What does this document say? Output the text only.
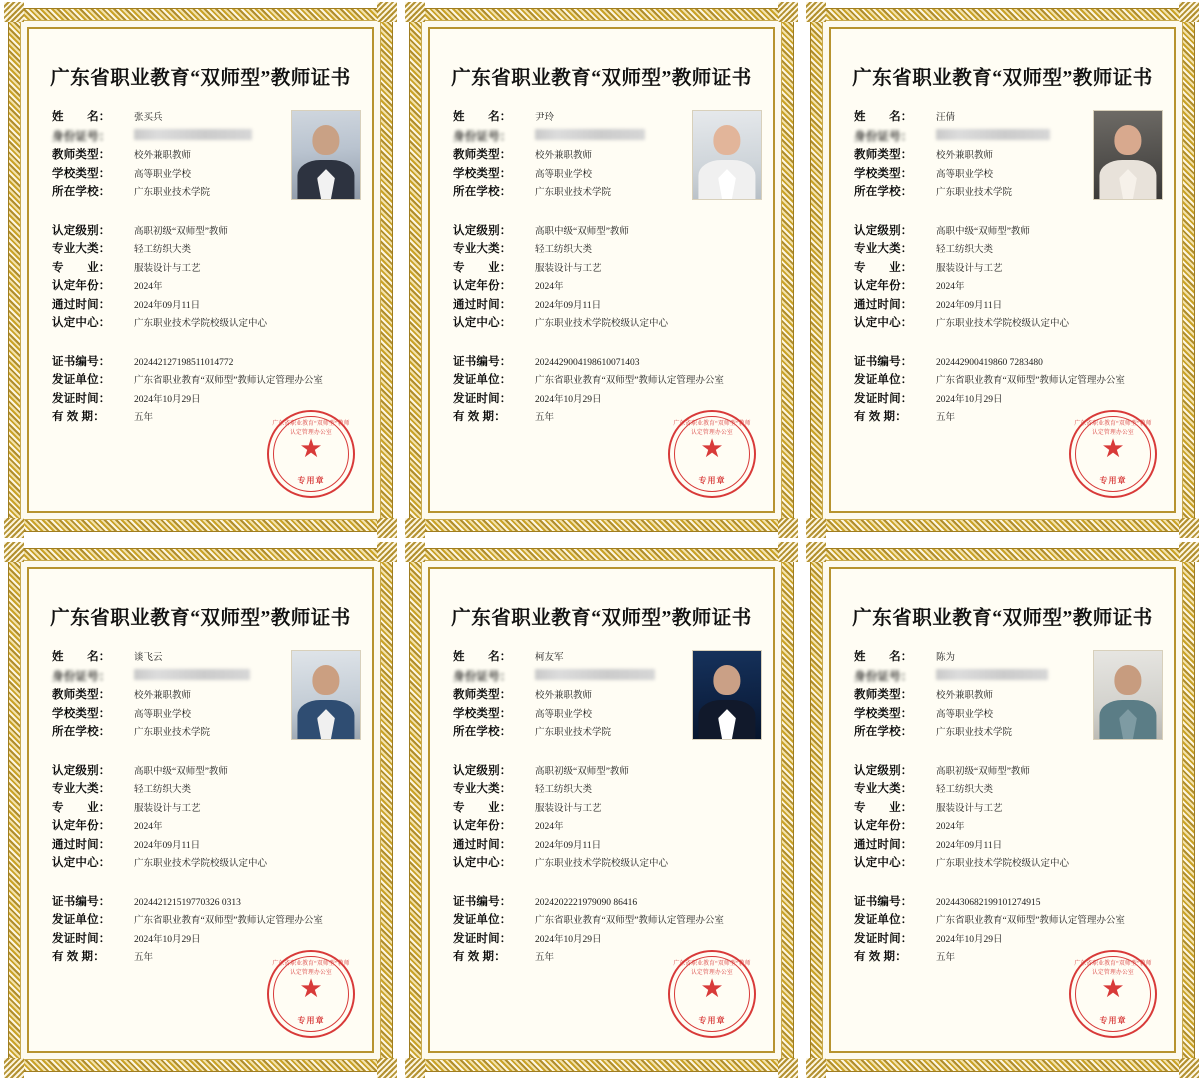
广东省职业教育“双师型”教师证书
姓　　名：	张买兵
身份证号：
教师类型：	校外兼职教师
学校类型：	高等职业学校
所在学校：	广东职业技术学院
认定级别：	高职初级“双师型”教师
专业大类：	轻工纺织大类
专　　业：	服装设计与工艺
认定年份：	2024年
通过时间：	2024年09月11日
认定中心：	广东职业技术学院校级认定中心
证书编号：	202442127198511014772
发证单位：	广东省职业教育“双师型”教师认定管理办公室
发证时间：	2024年10月29日
有 效 期：	五年
广东省职业教育“双师型”教师认定管理办公室
★
专用章
广东省职业教育“双师型”教师证书
姓　　名：	尹玲
身份证号：
教师类型：	校外兼职教师
学校类型：	高等职业学校
所在学校：	广东职业技术学院
认定级别：	高职中级“双师型”教师
专业大类：	轻工纺织大类
专　　业：	服装设计与工艺
认定年份：	2024年
通过时间：	2024年09月11日
认定中心：	广东职业技术学院校级认定中心
证书编号：	2024429004198610071403
发证单位：	广东省职业教育“双师型”教师认定管理办公室
发证时间：	2024年10月29日
有 效 期：	五年
广东省职业教育“双师型”教师认定管理办公室
★
专用章
广东省职业教育“双师型”教师证书
姓　　名：	汪倩
身份证号：
教师类型：	校外兼职教师
学校类型：	高等职业学校
所在学校：	广东职业技术学院
认定级别：	高职中级“双师型”教师
专业大类：	轻工纺织大类
专　　业：	服装设计与工艺
认定年份：	2024年
通过时间：	2024年09月11日
认定中心：	广东职业技术学院校级认定中心
证书编号：	202442900419860 7283480
发证单位：	广东省职业教育“双师型”教师认定管理办公室
发证时间：	2024年10月29日
有 效 期：	五年
广东省职业教育“双师型”教师认定管理办公室
★
专用章
广东省职业教育“双师型”教师证书
姓　　名：	谈飞云
身份证号：
教师类型：	校外兼职教师
学校类型：	高等职业学校
所在学校：	广东职业技术学院
认定级别：	高职中级“双师型”教师
专业大类：	轻工纺织大类
专　　业：	服装设计与工艺
认定年份：	2024年
通过时间：	2024年09月11日
认定中心：	广东职业技术学院校级认定中心
证书编号：	202442121519770326 0313
发证单位：	广东省职业教育“双师型”教师认定管理办公室
发证时间：	2024年10月29日
有 效 期：	五年
广东省职业教育“双师型”教师认定管理办公室
★
专用章
广东省职业教育“双师型”教师证书
姓　　名：	柯友军
身份证号：
教师类型：	校外兼职教师
学校类型：	高等职业学校
所在学校：	广东职业技术学院
认定级别：	高职初级“双师型”教师
专业大类：	轻工纺织大类
专　　业：	服装设计与工艺
认定年份：	2024年
通过时间：	2024年09月11日
认定中心：	广东职业技术学院校级认定中心
证书编号：	2024202221979090 86416
发证单位：	广东省职业教育“双师型”教师认定管理办公室
发证时间：	2024年10月29日
有 效 期：	五年
广东省职业教育“双师型”教师认定管理办公室
★
专用章
广东省职业教育“双师型”教师证书
姓　　名：	陈为
身份证号：
教师类型：	校外兼职教师
学校类型：	高等职业学校
所在学校：	广东职业技术学院
认定级别：	高职初级“双师型”教师
专业大类：	轻工纺织大类
专　　业：	服装设计与工艺
认定年份：	2024年
通过时间：	2024年09月11日
认定中心：	广东职业技术学院校级认定中心
证书编号：	2024430682199101274915
发证单位：	广东省职业教育“双师型”教师认定管理办公室
发证时间：	2024年10月29日
有 效 期：	五年
广东省职业教育“双师型”教师认定管理办公室
★
专用章
